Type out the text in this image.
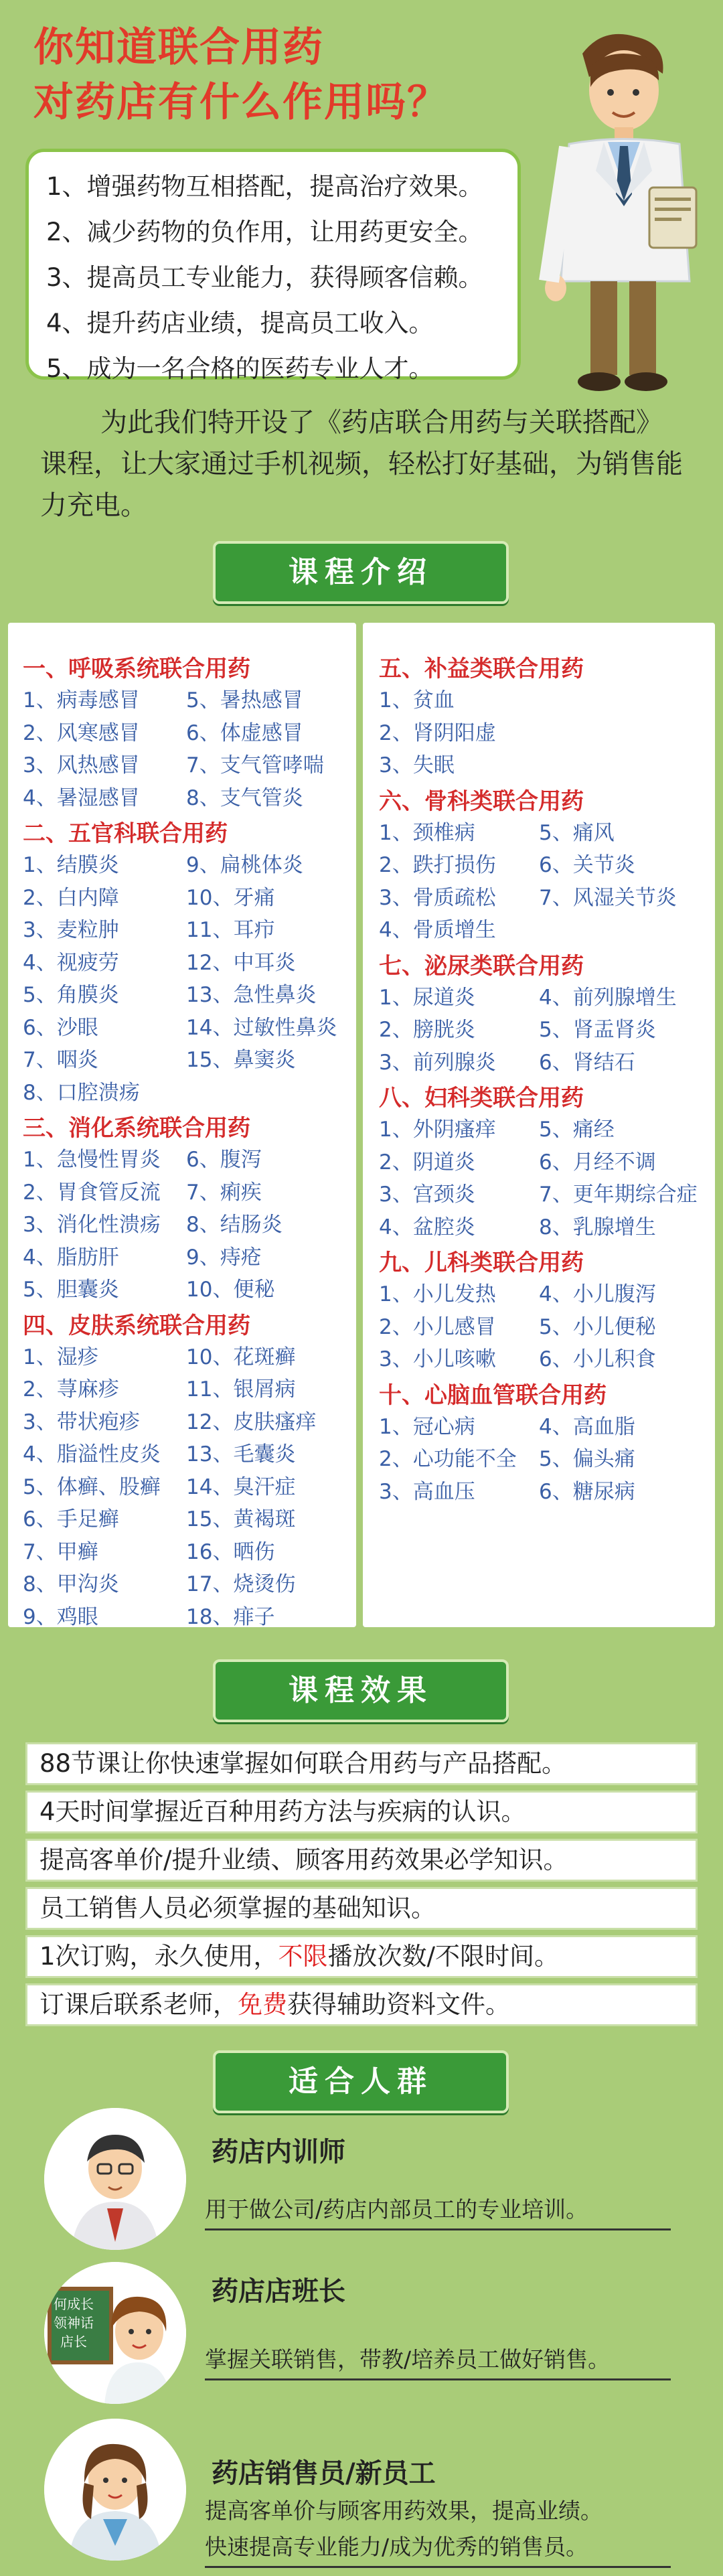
你知道联合用药
对药店有什么作用吗？
1、增强药物互相搭配，提高治疗效果。
2、减少药物的负作用，让用药更安全。
3、提高员工专业能力，获得顾客信赖。
4、提升药店业绩，提高员工收入。
5、成为一名合格的医药专业人才。
为此我们特开设了《药店联合用药与关联搭配》课程，让大家通过手机视频，轻松打好基础，为销售能力充电。
课程介绍
一、呼吸系统联合用药
1、病毒感冒	5、暑热感冒
2、风寒感冒	6、体虚感冒
3、风热感冒	7、支气管哮喘
4、暑湿感冒	8、支气管炎
二、五官科联合用药
1、结膜炎	9、扁桃体炎
2、白内障	10、牙痛
3、麦粒肿	11、耳疖
4、视疲劳	12、中耳炎
5、角膜炎	13、急性鼻炎
6、沙眼	14、过敏性鼻炎
7、咽炎	15、鼻窦炎
8、口腔溃疡
三、消化系统联合用药
1、急慢性胃炎	6、腹泻
2、胃食管反流	7、痢疾
3、消化性溃疡	8、结肠炎
4、脂肪肝	9、痔疮
5、胆囊炎	10、便秘
四、皮肤系统联合用药
1、湿疹	10、花斑癣
2、荨麻疹	11、银屑病
3、带状疱疹	12、皮肤瘙痒
4、脂溢性皮炎	13、毛囊炎
5、体癣、股癣	14、臭汗症
6、手足癣	15、黄褐斑
7、甲癣	16、晒伤
8、甲沟炎	17、烧烫伤
9、鸡眼	18、痱子
五、补益类联合用药
1、贫血
2、肾阴阳虚
3、失眠
六、骨科类联合用药
1、颈椎病	5、痛风
2、跌打损伤	6、关节炎
3、骨质疏松	7、风湿关节炎
4、骨质增生
七、泌尿类联合用药
1、尿道炎	4、前列腺增生
2、膀胱炎	5、肾盂肾炎
3、前列腺炎	6、肾结石
八、妇科类联合用药
1、外阴瘙痒	5、痛经
2、阴道炎	6、月经不调
3、宫颈炎	7、更年期综合症
4、盆腔炎	8、乳腺增生
九、儿科类联合用药
1、小儿发热	4、小儿腹泻
2、小儿感冒	5、小儿便秘
3、小儿咳嗽	6、小儿积食
十、心脑血管联合用药
1、冠心病	4、高血脂
2、心功能不全	5、偏头痛
3、高血压	6、糖尿病
课程效果
88节课让你快速掌握如何联合用药与产品搭配。
4天时间掌握近百种用药方法与疾病的认识。
提高客单价/提升业绩、顾客用药效果必学知识。
员工销售人员必须掌握的基础知识。
1次订购，永久使用，不限播放次数/不限时间。
订课后联系老师，免费获得辅助资料文件。
适合人群
药店内训师
用于做公司/药店内部员工的专业培训。
何成长
领神话
店长
药店店班长
掌握关联销售，带教/培养员工做好销售。
药店销售员/新员工
提高客单价与顾客用药效果，提高业绩。
快速提高专业能力/成为优秀的销售员。
